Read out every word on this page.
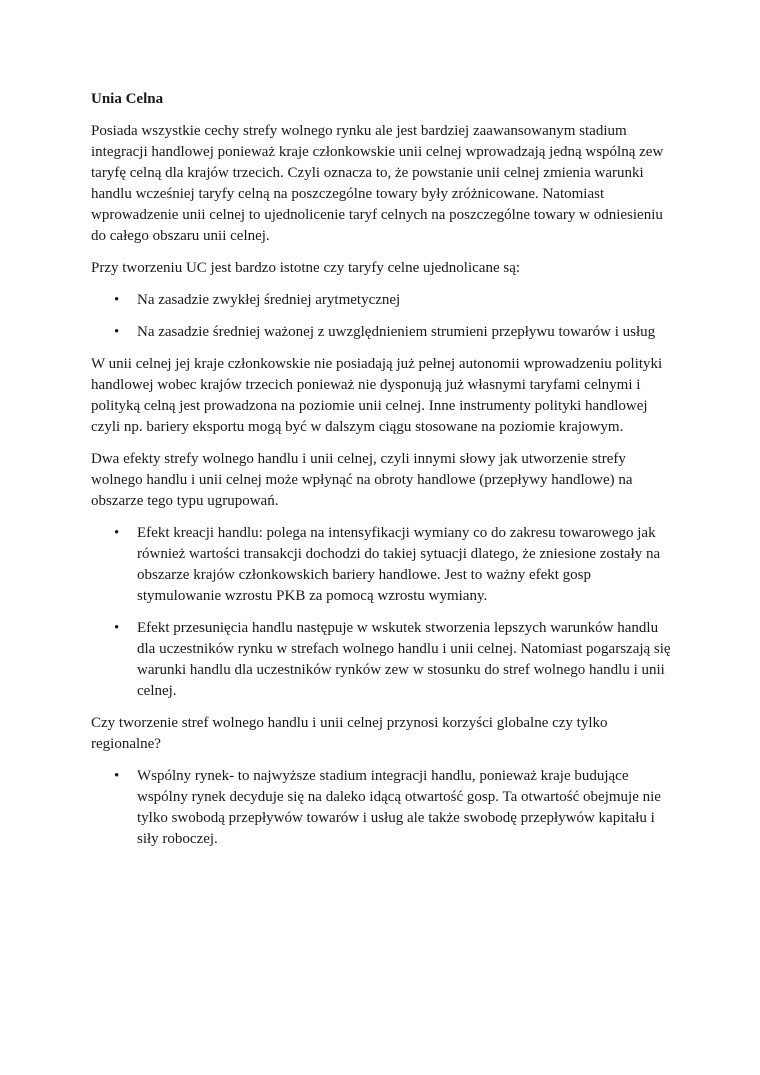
Unia Celna

Posiada wszystkie cechy strefy wolnego rynku ale jest bardziej zaawansowanym stadium integracji handlowej ponieważ kraje członkowskie unii celnej wprowadzają jedną wspólną zew taryfę celną dla krajów trzecich. Czyli oznacza to, że powstanie unii celnej zmienia warunki handlu wcześniej taryfy celną na poszczególne towary były zróżnicowane. Natomiast wprowadzenie unii celnej to ujednolicenie taryf celnych na poszczególne towary w odniesieniu do całego obszaru unii celnej.

Przy tworzeniu UC jest bardzo istotne czy taryfy celne ujednolicane są:

• Na zasadzie zwykłej średniej arytmetycznej
• Na zasadzie średniej ważonej z uwzględnieniem strumieni przepływu towarów i usług

W unii celnej jej kraje członkowskie nie posiadają już pełnej autonomii wprowadzeniu polityki handlowej wobec krajów trzecich ponieważ nie dysponują już własnymi taryfami celnymi i polityką celną jest prowadzona na poziomie unii celnej. Inne instrumenty polityki handlowej czyli np. bariery eksportu mogą być w dalszym ciągu stosowane na poziomie krajowym.

Dwa efekty strefy wolnego handlu i unii celnej, czyli innymi słowy jak utworzenie strefy wolnego handlu i unii celnej może wpłynąć na obroty handlowe (przepływy handlowe) na obszarze tego typu ugrupowań.

• Efekt kreacji handlu: polega na intensyfikacji wymiany co do zakresu towarowego jak również wartości transakcji dochodzi do takiej sytuacji dlatego, że zniesione zostały na obszarze krajów członkowskich bariery handlowe. Jest to ważny efekt gosp stymulowanie wzrostu PKB za pomocą wzrostu wymiany.
• Efekt przesunięcia handlu następuje w wskutek stworzenia lepszych warunków handlu dla uczestników rynku w strefach wolnego handlu i unii celnej. Natomiast pogarszają się warunki handlu dla uczestników rynków zew w stosunku do stref wolnego handlu i unii celnej.

Czy tworzenie stref wolnego handlu i unii celnej przynosi korzyści globalne czy tylko regionalne?

• Wspólny rynek- to najwyższe stadium integracji handlu, ponieważ kraje budujące wspólny rynek decyduje się na daleko idącą otwartość gosp. Ta otwartość obejmuje nie tylko swobodą przepływów towarów i usług ale także swobodę przepływów kapitału i siły roboczej.
